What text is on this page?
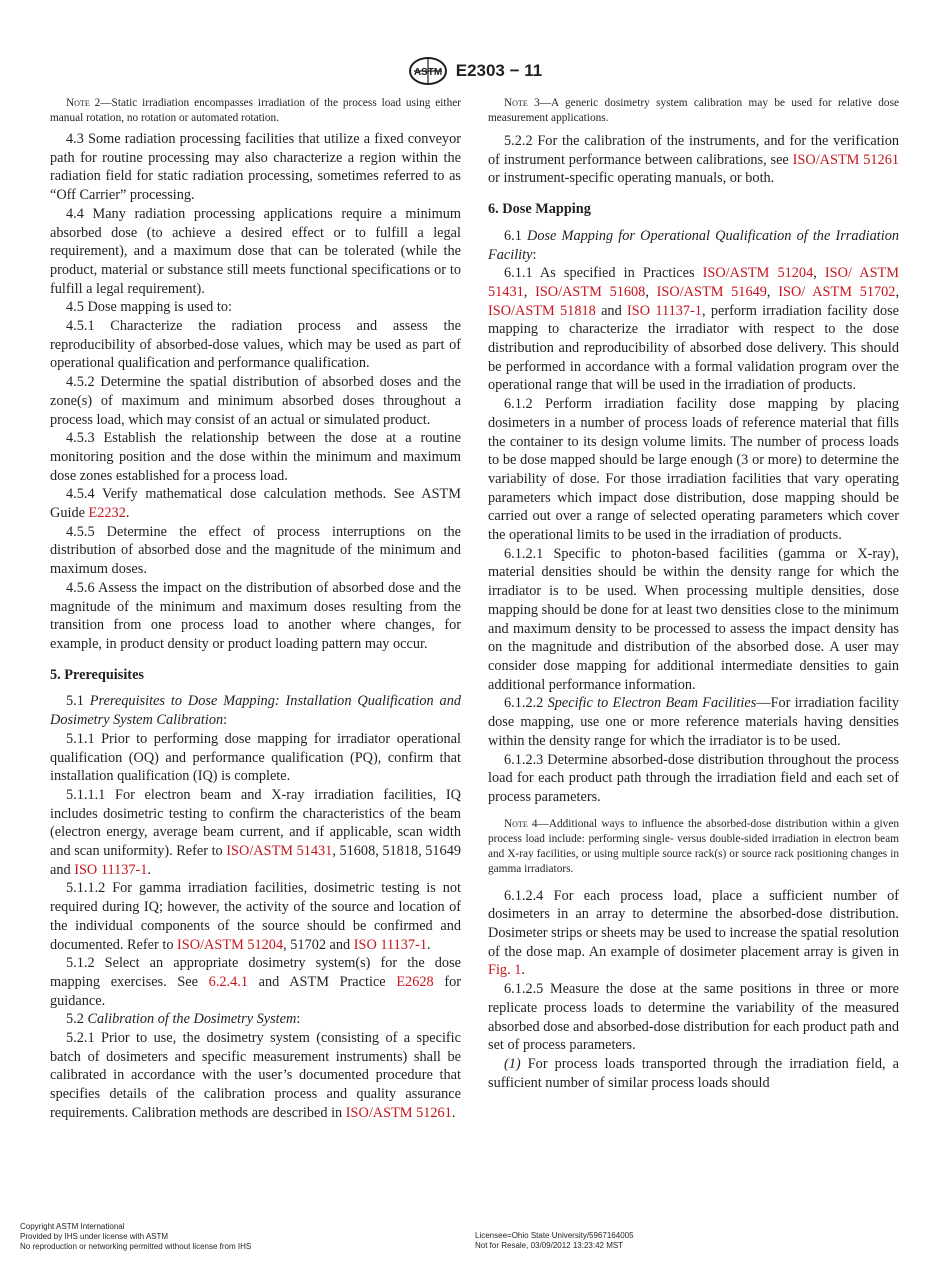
ASTM E2303 − 11

Note 2—Static irradiation encompasses irradiation of the process load using either manual rotation, no rotation or automated rotation.

4.3 Some radiation processing facilities that utilize a fixed conveyor path for routine processing may also characterize a region within the radiation field for static radiation processing, sometimes referred to as “Off Carrier” processing.

4.4 Many radiation processing applications require a minimum absorbed dose (to achieve a desired effect or to fulfill a legal requirement), and a maximum dose that can be tolerated (while the product, material or substance still meets functional specifications or to fulfill a legal requirement).

4.5 Dose mapping is used to:

4.5.1 Characterize the radiation process and assess the reproducibility of absorbed-dose values, which may be used as part of operational qualification and performance qualification.

4.5.2 Determine the spatial distribution of absorbed doses and the zone(s) of maximum and minimum absorbed doses throughout a process load, which may consist of an actual or simulated product.

4.5.3 Establish the relationship between the dose at a routine monitoring position and the dose within the minimum and maximum dose zones established for a process load.

4.5.4 Verify mathematical dose calculation methods. See ASTM Guide E2232.

4.5.5 Determine the effect of process interruptions on the distribution of absorbed dose and the magnitude of the minimum and maximum doses.

4.5.6 Assess the impact on the distribution of absorbed dose and the magnitude of the minimum and maximum doses resulting from the transition from one process load to another where changes, for example, in product density or product loading pattern may occur.

5. Prerequisites

5.1 Prerequisites to Dose Mapping: Installation Qualification and Dosimetry System Calibration:

5.1.1 Prior to performing dose mapping for irradiator operational qualification (OQ) and performance qualification (PQ), confirm that installation qualification (IQ) is complete.

5.1.1.1 For electron beam and X-ray irradiation facilities, IQ includes dosimetric testing to confirm the characteristics of the beam (electron energy, average beam current, and if applicable, scan width and scan uniformity). Refer to ISO/ASTM 51431, 51608, 51818, 51649 and ISO 11137-1.

5.1.1.2 For gamma irradiation facilities, dosimetric testing is not required during IQ; however, the activity of the source and location of the individual components of the source should be confirmed and documented. Refer to ISO/ASTM 51204, 51702 and ISO 11137-1.

5.1.2 Select an appropriate dosimetry system(s) for the dose mapping exercises. See 6.2.4.1 and ASTM Practice E2628 for guidance.

5.2 Calibration of the Dosimetry System:

5.2.1 Prior to use, the dosimetry system (consisting of a specific batch of dosimeters and specific measurement instruments) shall be calibrated in accordance with the user’s documented procedure that specifies details of the calibration process and quality assurance requirements. Calibration methods are described in ISO/ASTM 51261.

Note 3—A generic dosimetry system calibration may be used for relative dose measurement applications.

5.2.2 For the calibration of the instruments, and for the verification of instrument performance between calibrations, see ISO/ASTM 51261 or instrument-specific operating manuals, or both.

6. Dose Mapping

6.1 Dose Mapping for Operational Qualification of the Irradiation Facility:

6.1.1 As specified in Practices ISO/ASTM 51204, ISO/ ASTM 51431, ISO/ASTM 51608, ISO/ASTM 51649, ISO/ ASTM 51702, ISO/ASTM 51818 and ISO 11137-1, perform irradiation facility dose mapping to characterize the irradiator with respect to the dose distribution and reproducibility of absorbed dose delivery. This should be performed in accordance with a formal validation program over the operational range that will be used in the irradiation of products.

6.1.2 Perform irradiation facility dose mapping by placing dosimeters in a number of process loads of reference material that fills the container to its design volume limits. The number of process loads to be dose mapped should be large enough (3 or more) to determine the variability of dose. For those irradiation facilities that vary operating parameters which impact dose distribution, dose mapping should be carried out over a range of selected operating parameters which cover the operational limits to be used in the irradiation of products.

6.1.2.1 Specific to photon-based facilities (gamma or X-ray), material densities should be within the density range for which the irradiator is to be used. When processing multiple densities, dose mapping should be done for at least two densities close to the minimum and maximum density to be processed to assess the impact density has on the magnitude and distribution of the absorbed dose. A user may consider dose mapping for additional intermediate densities to gain additional performance information.

6.1.2.2 Specific to Electron Beam Facilities—For irradiation facility dose mapping, use one or more reference materials having densities within the density range for which the irradiator is to be used.

6.1.2.3 Determine absorbed-dose distribution throughout the process load for each product path through the irradiation field and each set of process parameters.

Note 4—Additional ways to influence the absorbed-dose distribution within a given process load include: performing single- versus double-sided irradiation in electron beam and X-ray facilities, or using multiple source rack(s) or source rack positioning changes in gamma irradiators.

6.1.2.4 For each process load, place a sufficient number of dosimeters in an array to determine the absorbed-dose distribution. Dosimeter strips or sheets may be used to increase the spatial resolution of the dose map. An example of dosimeter placement array is given in Fig. 1.

6.1.2.5 Measure the dose at the same positions in three or more replicate process loads to determine the variability of the measured absorbed dose and absorbed-dose distribution for each product path and set of process parameters.

(1) For process loads transported through the irradiation field, a sufficient number of similar process loads should

Copyright ASTM International
Provided by IHS under license with ASTM
No reproduction or networking permitted without license from IHS
Licensee=Ohio State University/5967164005
Not for Resale, 03/09/2012 13:23:42 MST
